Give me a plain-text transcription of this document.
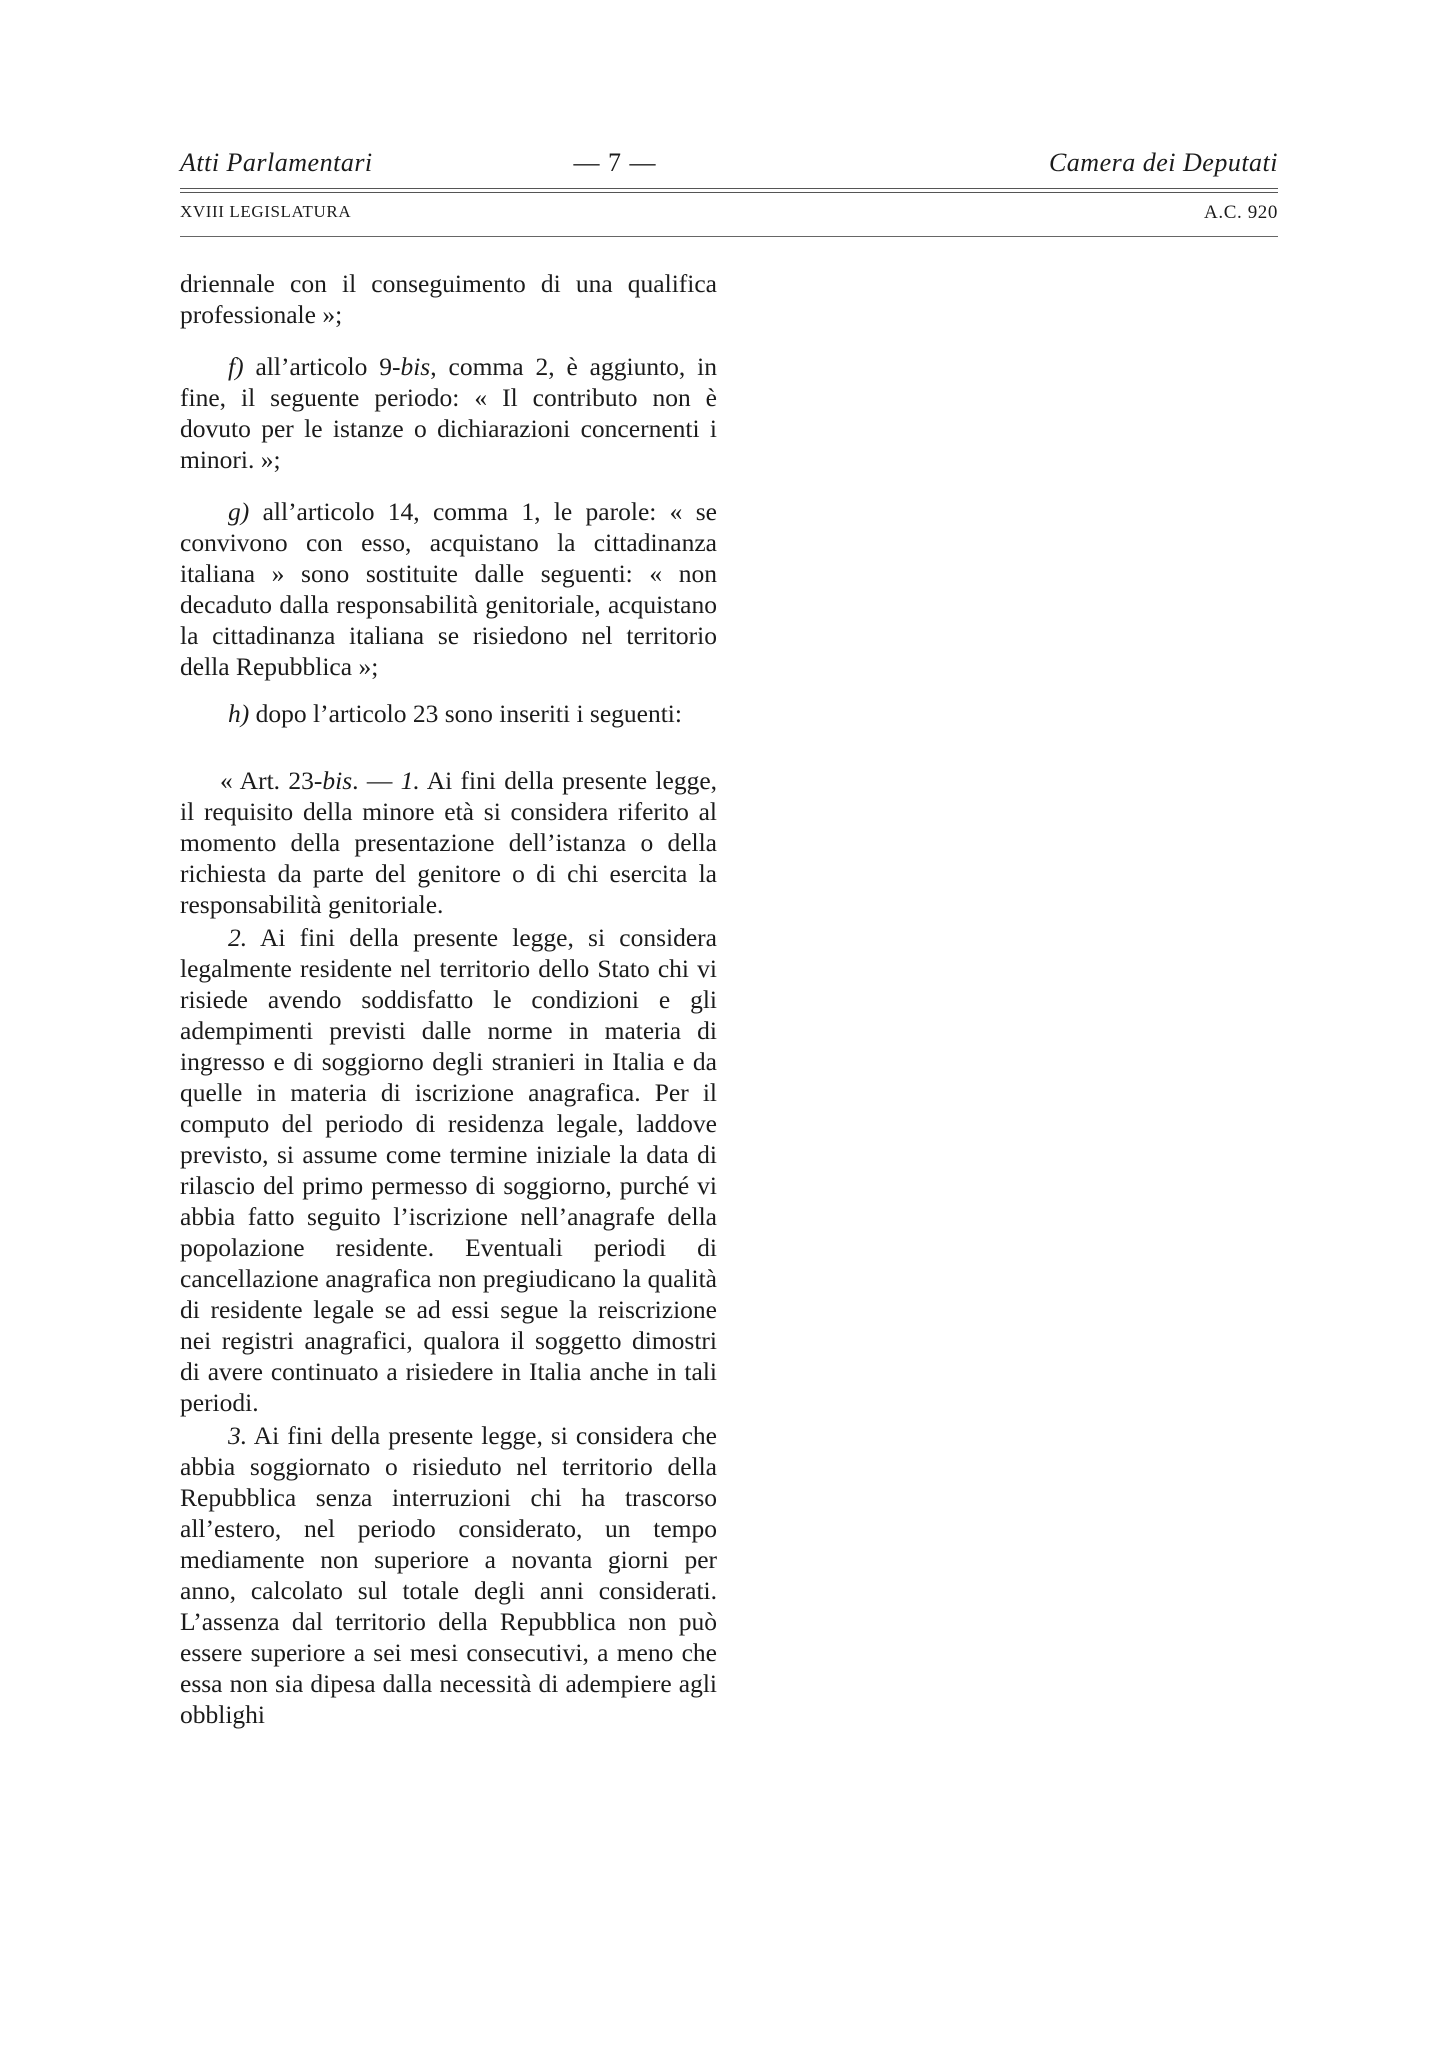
Atti Parlamentari	— 7 —	Camera dei Deputati
XVIII LEGISLATURA	A.C. 920

driennale con il conseguimento di una qualifica professionale »;

f) all’articolo 9-bis, comma 2, è aggiunto, in fine, il seguente periodo: « Il contributo non è dovuto per le istanze o dichiarazioni concernenti i minori. »;

g) all’articolo 14, comma 1, le parole: « se convivono con esso, acquistano la cittadinanza italiana » sono sostituite dalle seguenti: « non decaduto dalla responsabilità genitoriale, acquistano la cittadinanza italiana se risiedono nel territorio della Repubblica »;

h) dopo l’articolo 23 sono inseriti i seguenti:

« Art. 23-bis. — 1. Ai fini della presente legge, il requisito della minore età si considera riferito al momento della presentazione dell’istanza o della richiesta da parte del genitore o di chi esercita la responsabilità genitoriale.

2. Ai fini della presente legge, si considera legalmente residente nel territorio dello Stato chi vi risiede avendo soddisfatto le condizioni e gli adempimenti previsti dalle norme in materia di ingresso e di soggiorno degli stranieri in Italia e da quelle in materia di iscrizione anagrafica. Per il computo del periodo di residenza legale, laddove previsto, si assume come termine iniziale la data di rilascio del primo permesso di soggiorno, purché vi abbia fatto seguito l’iscrizione nell’anagrafe della popolazione residente. Eventuali periodi di cancellazione anagrafica non pregiudicano la qualità di residente legale se ad essi segue la reiscrizione nei registri anagrafici, qualora il soggetto dimostri di avere continuato a risiedere in Italia anche in tali periodi.

3. Ai fini della presente legge, si considera che abbia soggiornato o risieduto nel territorio della Repubblica senza interruzioni chi ha trascorso all’estero, nel periodo considerato, un tempo mediamente non superiore a novanta giorni per anno, calcolato sul totale degli anni considerati. L’assenza dal territorio della Repubblica non può essere superiore a sei mesi consecutivi, a meno che essa non sia dipesa dalla necessità di adempiere agli obblighi
